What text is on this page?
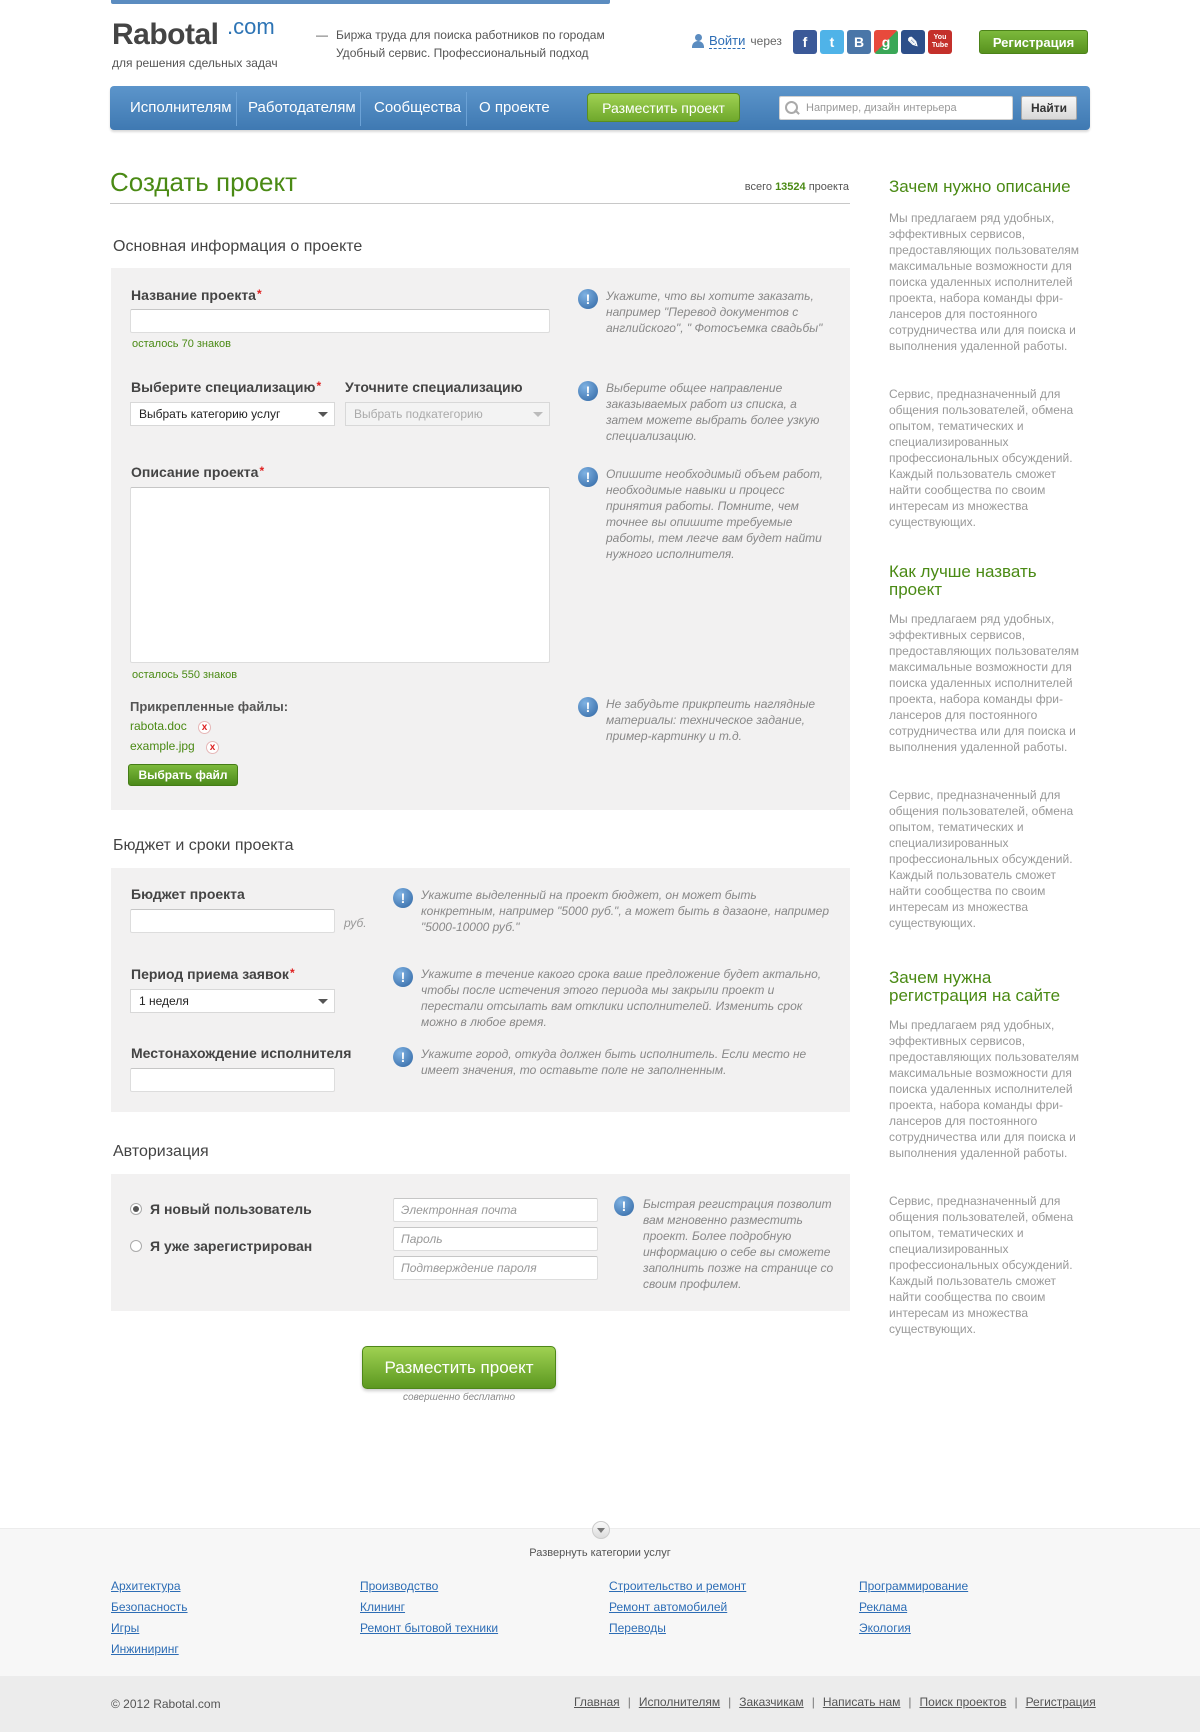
Rabotal .com
для решения сдельных задач
— Биржа труда для поиска работников по городам
Удобный сервис. Профессиональный подход
Войти через	f	t	B	g	✎	You Tube	Регистрация
Исполнителям	Работодателям	Сообщества	О проекте	Разместить проект
Например, дизайн интерьера	Найти
Создать проект	всего 13524 проекта
Основная информация о проекте
Название проекта*
осталось 70 знаков
!	Укажите, что вы хотите заказать, например "Перевод документов с английского", " Фотосъемка свадьбы"
Выберите специализацию*
Выбрать категорию услуг
Уточните специализацию
Выбрать подкатегорию
!	Выберите общее направление заказываемых работ из списка, а затем можете выбрать более узкую специализацию.
Описание проекта*
осталось 550 знаков
!	Опишите необходимый объем работ, необходимые навыки и процесс принятия работы. Помните, чем точнее вы опишите требуемые работы, тем легче вам будет найти нужного исполнителя.
Прикрепленные файлы:
rabota.doc	x
example.jpg	x
Выбрать файл
!	Не забудьте прикрпеить наглядные материалы: техническое задание, пример-картинку и т.д.
Бюджет и сроки проекта
Бюджет проекта
руб.
!	Укажите выделенный на проект бюджет, он может быть конкретным, например "5000 руб.", а может быть в дазаоне, например "5000-10000 руб."
Период приема заявок*
1 неделя
!	Укажите в течение какого срока ваше предложение будет актально, чтобы после истечения этого периода мы закрыли проект и перестали отсылать вам отклики исполнителей. Изменить срок можно в любое время.
Местонахождение исполнителя	!	Укажите город, откуда должен быть исполнитель. Если место не имеет значения, то оставьте поле не заполненным.
Авторизация
Я новый пользователь
Я уже зарегистрирован
Электронная почта
Пароль
Подтверждение пароля
!	Быстрая регистрация позволит вам мгновенно разместить проект. Более подробную информацию о себе вы сможете заполнить позже на странице со своим профилем.
Разместить проект
совершенно бесплатно
Зачем нужно описание
Мы предлагаем ряд удобных, эффективных сервисов, предоставляющих пользователям максимальные возможности для поиска удаленных исполнителей проекта, набора команды фри-лансеров для постоянного сотрудничества или для поиска и выполнения удаленной работы.
Сервис, предназначенный для общения пользователей, обмена опытом, тематических и специализированных профессиональных обсуждений. Каждый пользователь сможет найти сообщества по своим интересам из множества существующих.
Как лучше назвать проект
Мы предлагаем ряд удобных, эффективных сервисов, предоставляющих пользователям максимальные возможности для поиска удаленных исполнителей проекта, набора команды фри-лансеров для постоянного сотрудничества или для поиска и выполнения удаленной работы.
Сервис, предназначенный для общения пользователей, обмена опытом, тематических и специализированных профессиональных обсуждений. Каждый пользователь сможет найти сообщества по своим интересам из множества существующих.
Зачем нужна регистрация на сайте
Мы предлагаем ряд удобных, эффективных сервисов, предоставляющих пользователям максимальные возможности для поиска удаленных исполнителей проекта, набора команды фри-лансеров для постоянного сотрудничества или для поиска и выполнения удаленной работы.
Сервис, предназначенный для общения пользователей, обмена опытом, тематических и специализированных профессиональных обсуждений. Каждый пользователь сможет найти сообщества по своим интересам из множества существующих.
Развернуть категории услуг
Архитектура
Безопасность
Игры
Инжиниринг
Производство
Клининг
Ремонт бытовой техники
Строительство и ремонт
Ремонт автомобилей
Переводы
Программирование
Реклама
Экология
© 2012 Rabotal.com	Главная | Исполнителям | Заказчикам | Написать нам | Поиск проектов | Регистрация
